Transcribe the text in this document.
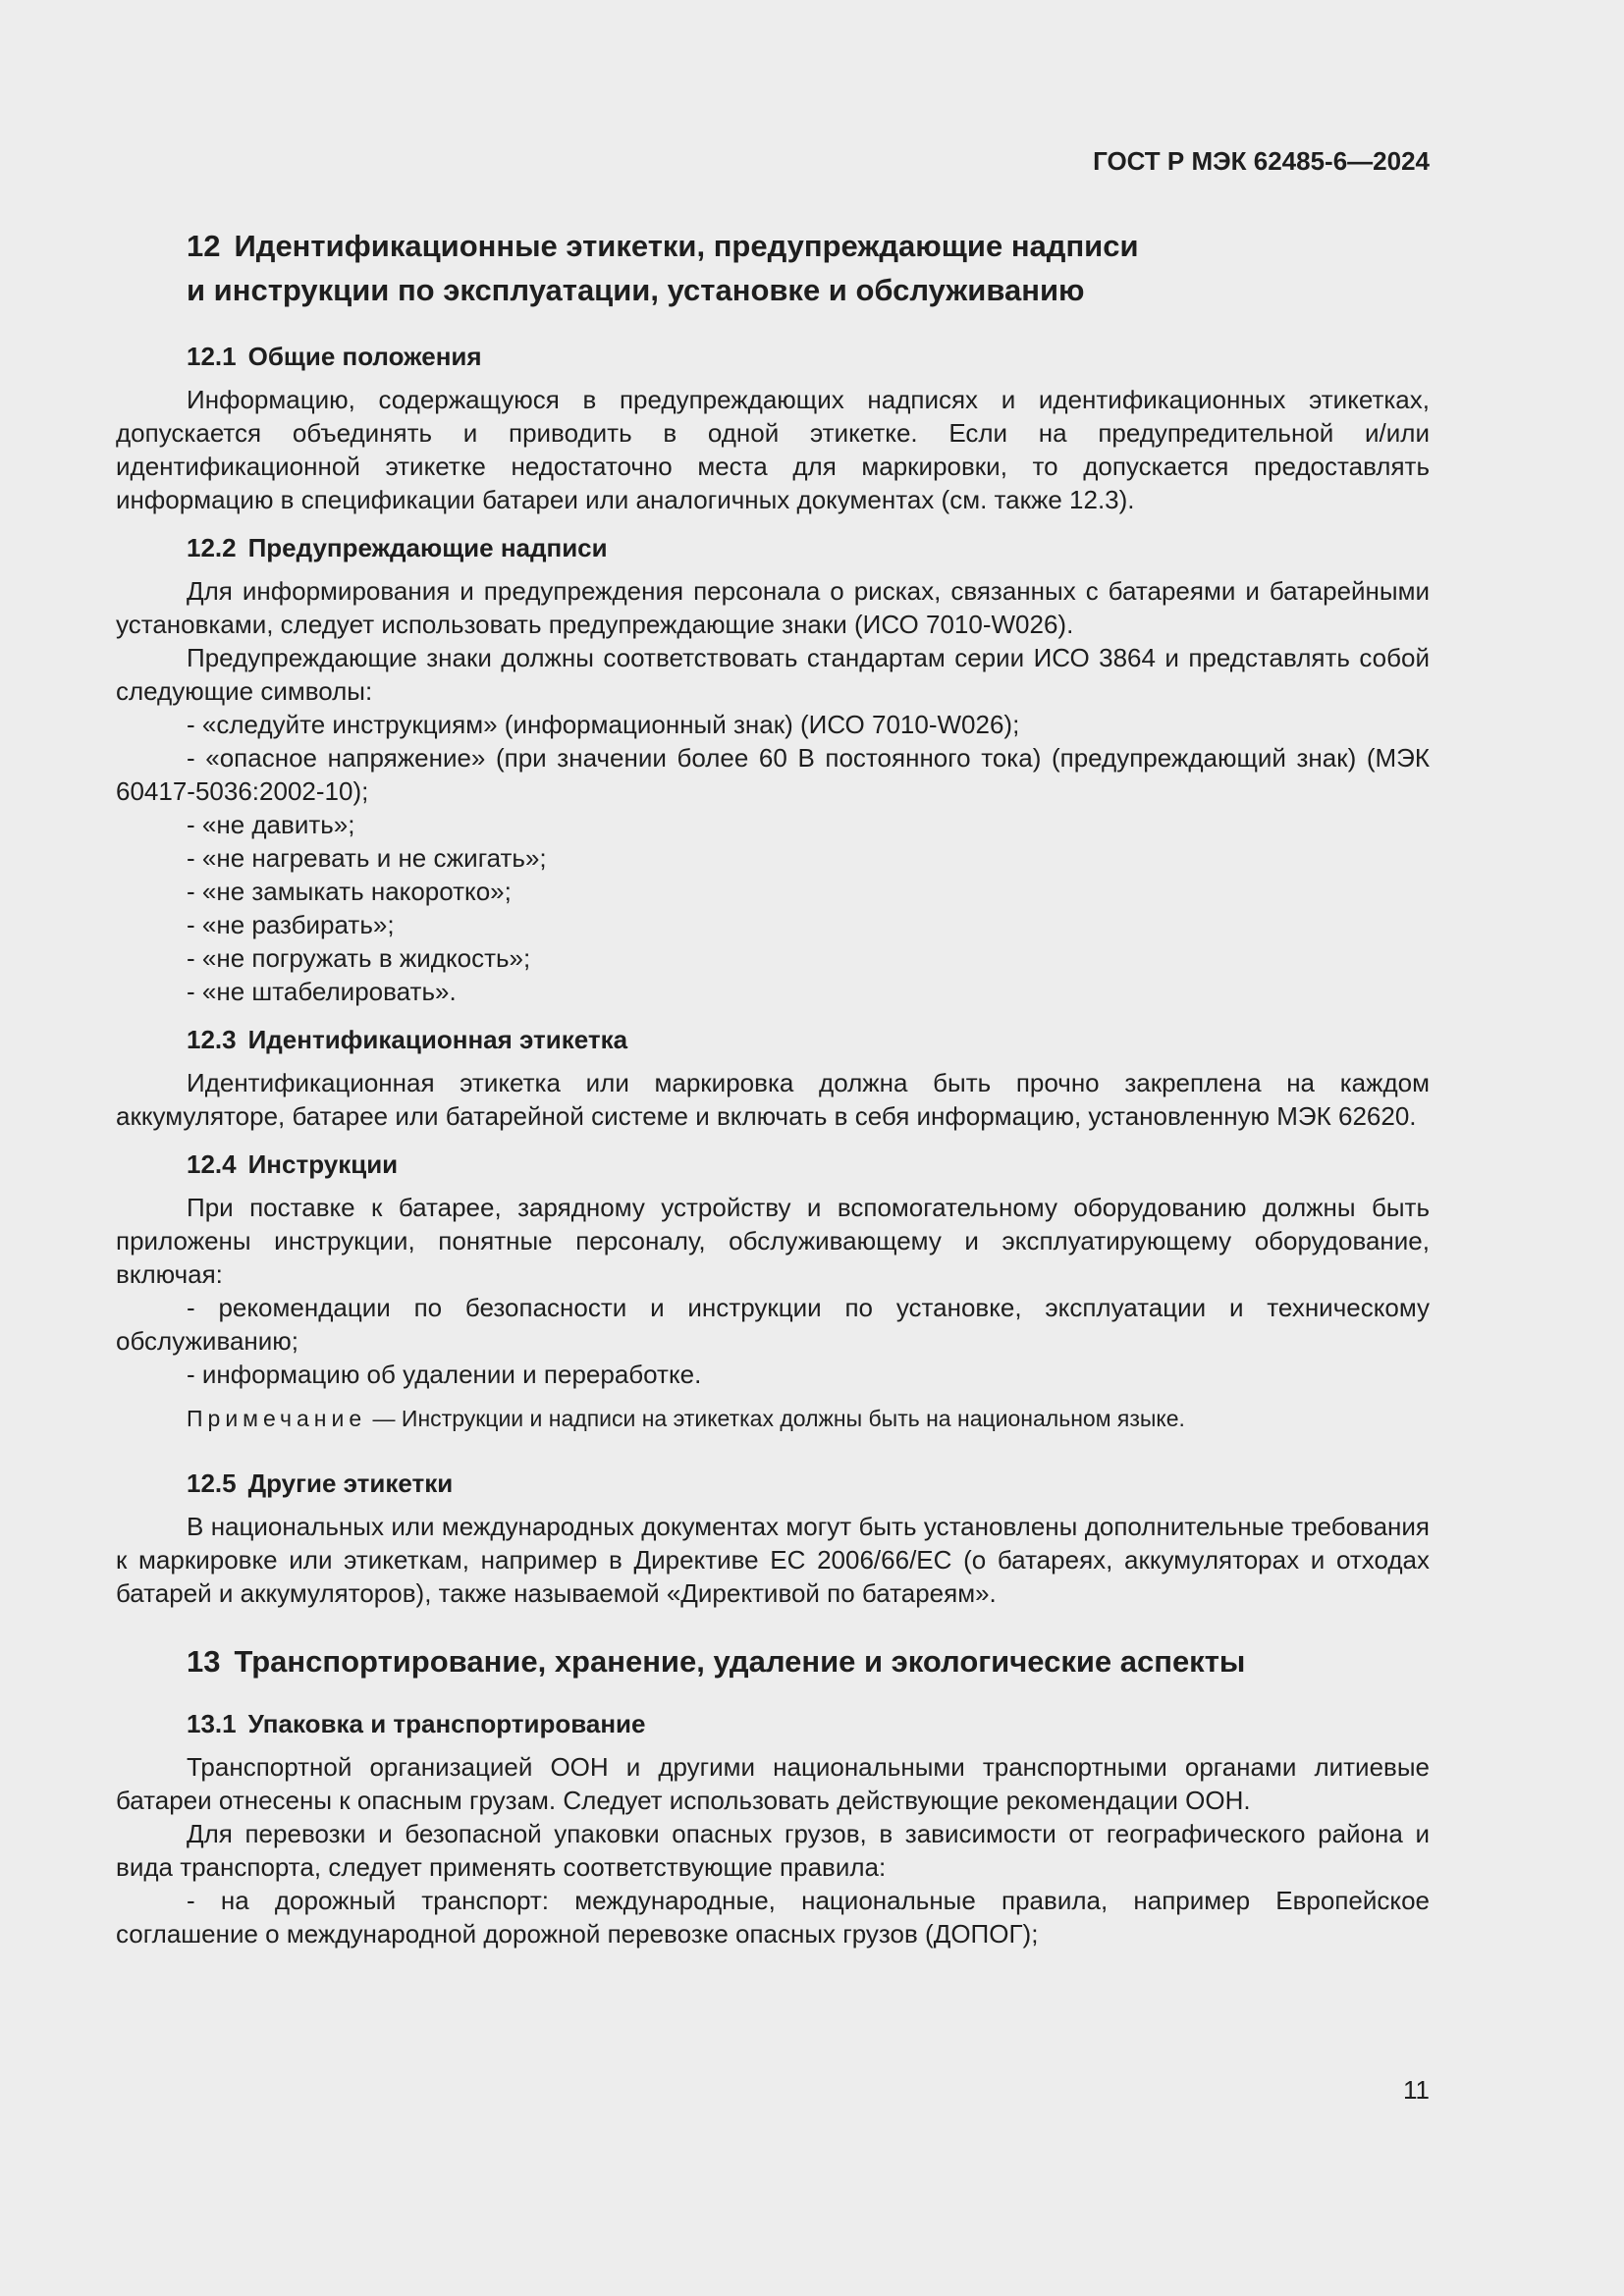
ГОСТ Р МЭК 62485-6—2024
12 Идентификационные этикетки, предупреждающие надписи
и инструкции по эксплуатации, установке и обслуживанию
12.1 Общие положения

Информацию, содержащуюся в предупреждающих надписях и идентификационных этикетках, допускается объединять и приводить в одной этикетке. Если на предупредительной и/или идентификационной этикетке недостаточно места для маркировки, то допускается предоставлять информацию в спецификации батареи или аналогичных документах (см. также 12.3).

12.2 Предупреждающие надписи

Для информирования и предупреждения персонала о рисках, связанных с батареями и батарейными установками, следует использовать предупреждающие знаки (ИСО 7010-W026).

Предупреждающие знаки должны соответствовать стандартам серии ИСО 3864 и представлять собой следующие символы:

- «следуйте инструкциям» (информационный знак) (ИСО 7010-W026);

- «опасное напряжение» (при значении более 60 В постоянного тока) (предупреждающий знак) (МЭК 60417-5036:2002-10);

- «не давить»;

- «не нагревать и не сжигать»;

- «не замыкать накоротко»;

- «не разбирать»;

- «не погружать в жидкость»;

- «не штабелировать».

12.3 Идентификационная этикетка

Идентификационная этикетка или маркировка должна быть прочно закреплена на каждом аккумуляторе, батарее или батарейной системе и включать в себя информацию, установленную МЭК 62620.

12.4 Инструкции

При поставке к батарее, зарядному устройству и вспомогательному оборудованию должны быть приложены инструкции, понятные персоналу, обслуживающему и эксплуатирующему оборудование, включая:

- рекомендации по безопасности и инструкции по установке, эксплуатации и техническому обслуживанию;

- информацию об удалении и переработке.

Примечание — Инструкции и надписи на этикетках должны быть на национальном языке.

12.5 Другие этикетки

В национальных или международных документах могут быть установлены дополнительные требования к маркировке или этикеткам, например в Директиве ЕС 2006/66/ЕС (о батареях, аккумуляторах и отходах батарей и аккумуляторов), также называемой «Директивой по батареям».

13 Транспортирование, хранение, удаление и экологические аспекты
13.1 Упаковка и транспортирование

Транспортной организацией ООН и другими национальными транспортными органами литиевые батареи отнесены к опасным грузам. Следует использовать действующие рекомендации ООН.

Для перевозки и безопасной упаковки опасных грузов, в зависимости от географического района и вида транспорта, следует применять соответствующие правила:

- на дорожный транспорт: международные, национальные правила, например Европейское соглашение о международной дорожной перевозке опасных грузов (ДОПОГ);

11
